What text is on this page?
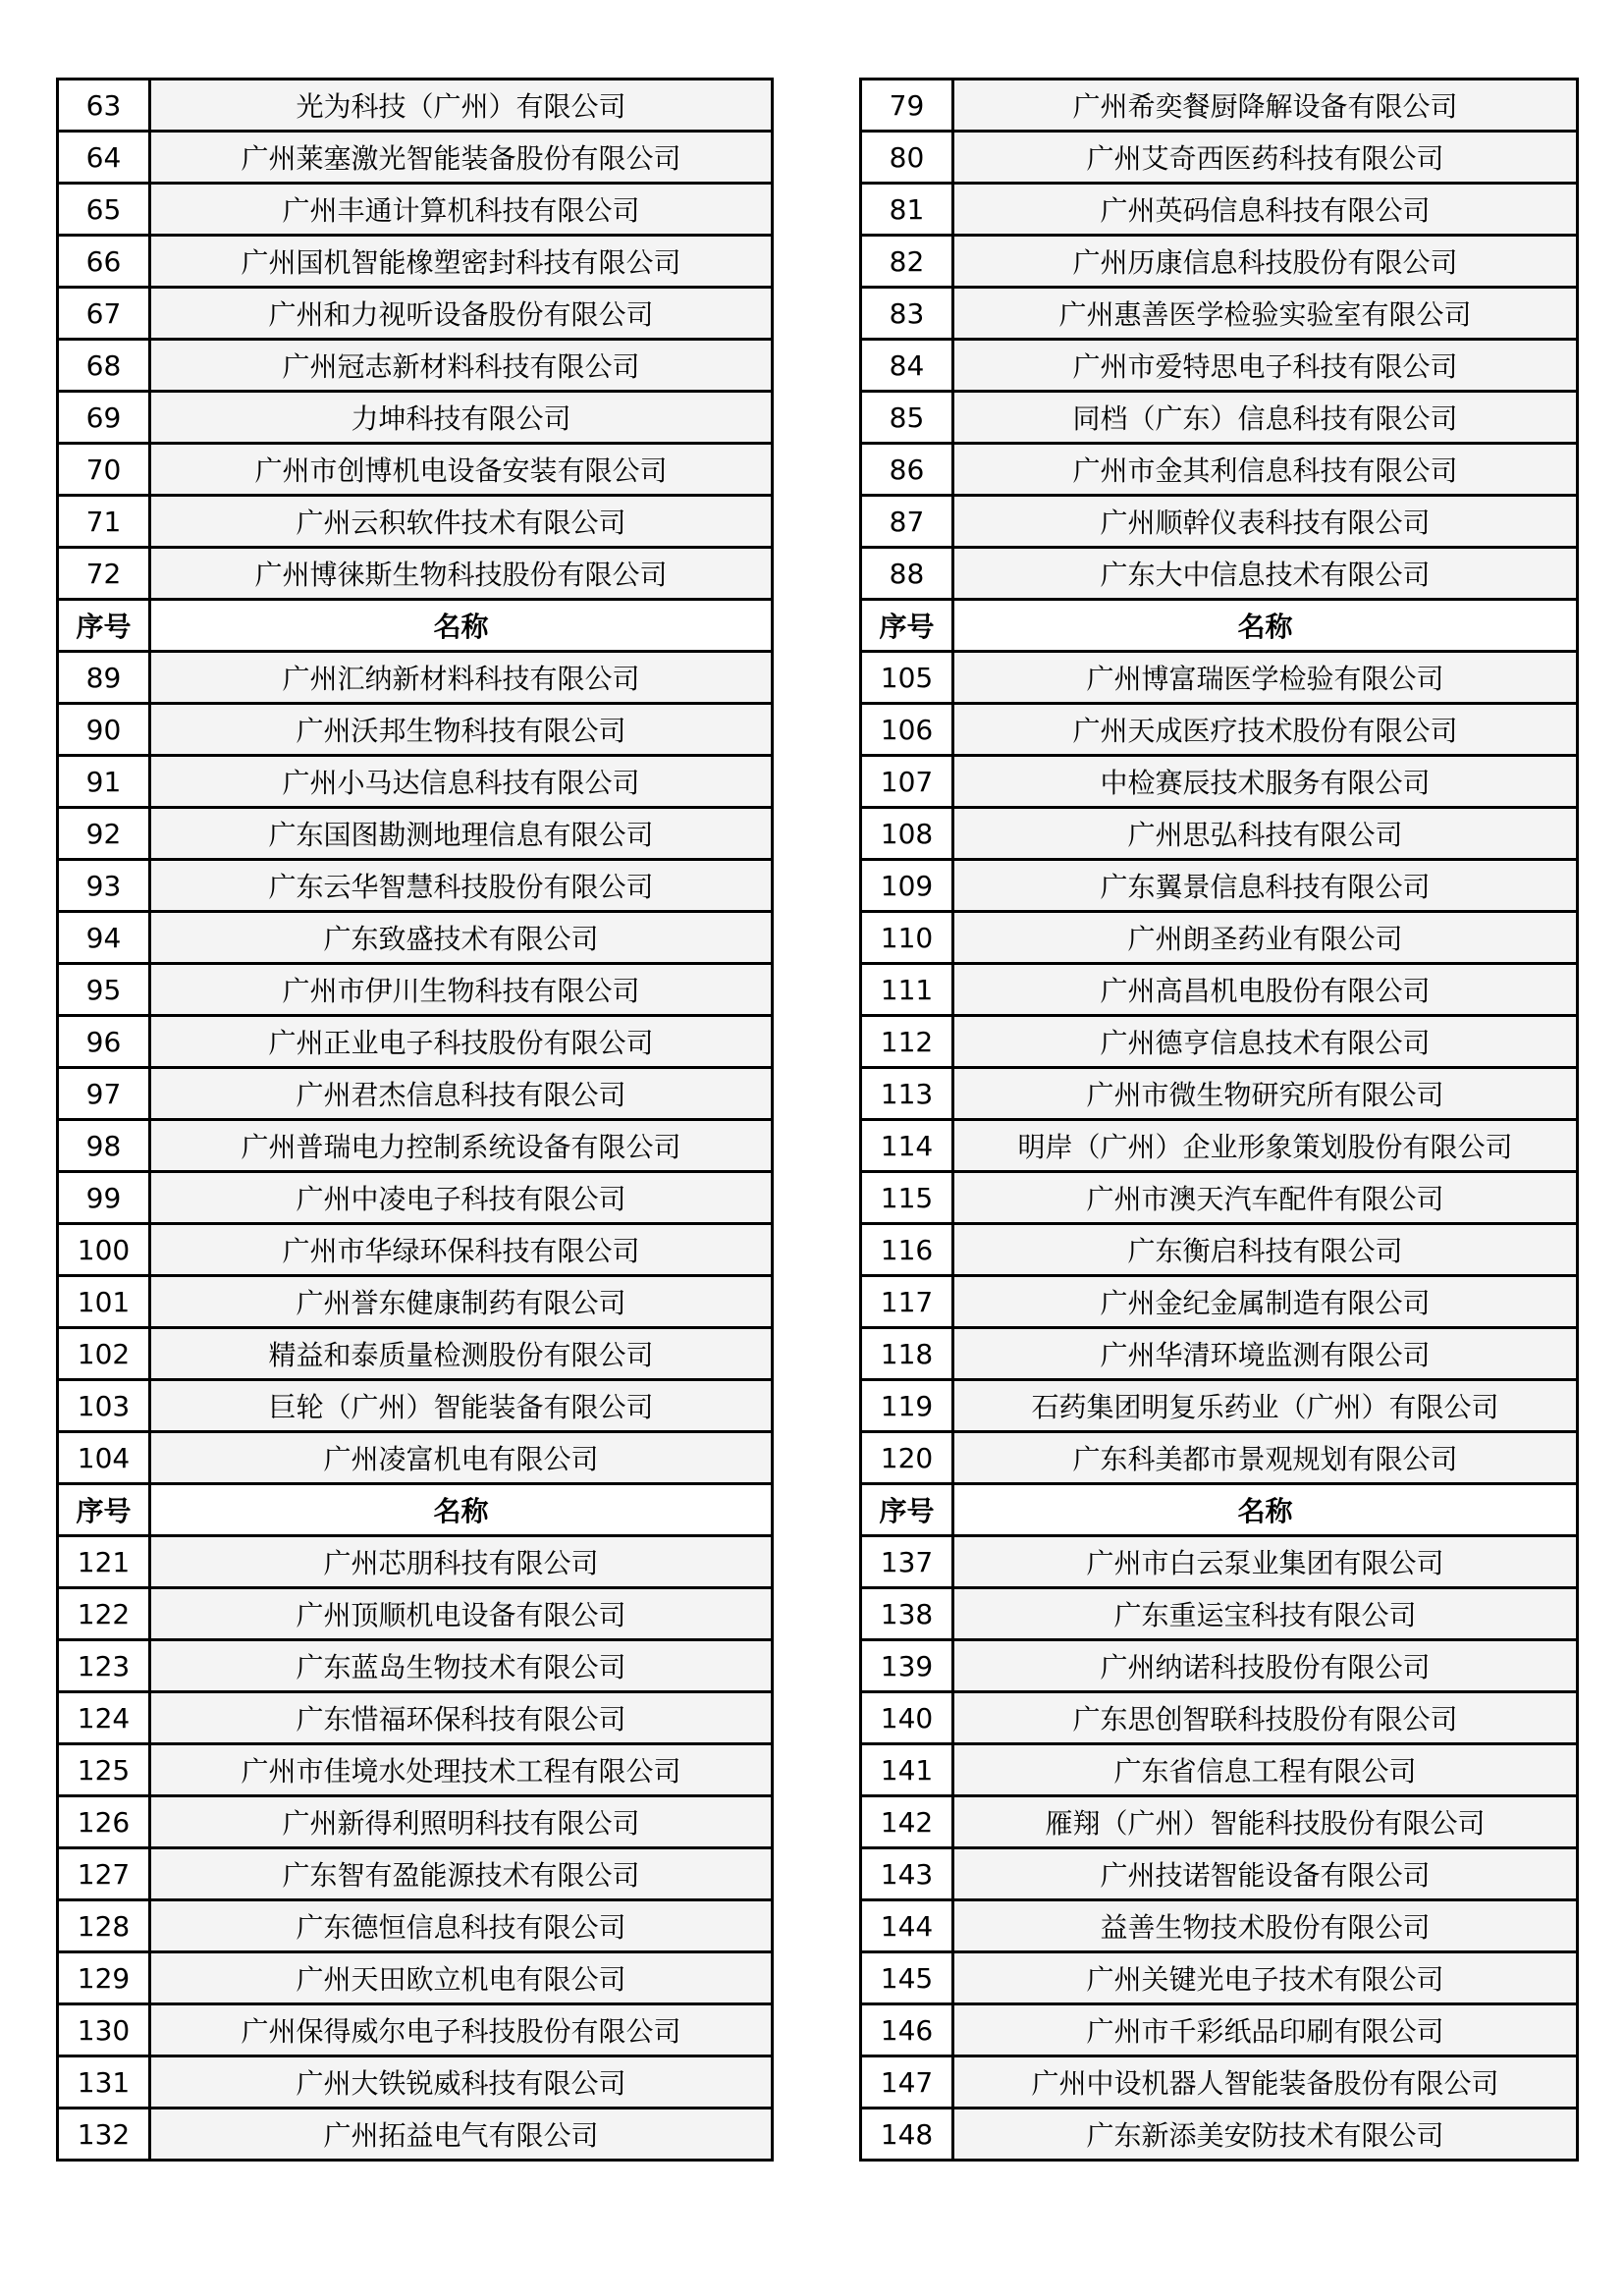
63	光为科技（广州）有限公司
64	广州莱塞激光智能装备股份有限公司
65	广州丰通计算机科技有限公司
66	广州国机智能橡塑密封科技有限公司
67	广州和力视听设备股份有限公司
68	广州冠志新材料科技有限公司
69	力坤科技有限公司
70	广州市创博机电设备安装有限公司
71	广州云积软件技术有限公司
72	广州博徕斯生物科技股份有限公司
序号	名称
89	广州汇纳新材料科技有限公司
90	广州沃邦生物科技有限公司
91	广州小马达信息科技有限公司
92	广东国图勘测地理信息有限公司
93	广东云华智慧科技股份有限公司
94	广东致盛技术有限公司
95	广州市伊川生物科技有限公司
96	广州正业电子科技股份有限公司
97	广州君杰信息科技有限公司
98	广州普瑞电力控制系统设备有限公司
99	广州中凌电子科技有限公司
100	广州市华绿环保科技有限公司
101	广州誉东健康制药有限公司
102	精益和泰质量检测股份有限公司
103	巨轮（广州）智能装备有限公司
104	广州凌富机电有限公司
序号	名称
121	广州芯朋科技有限公司
122	广州顶顺机电设备有限公司
123	广东蓝岛生物技术有限公司
124	广东惜福环保科技有限公司
125	广州市佳境水处理技术工程有限公司
126	广州新得利照明科技有限公司
127	广东智有盈能源技术有限公司
128	广东德恒信息科技有限公司
129	广州天田欧立机电有限公司
130	广州保得威尔电子科技股份有限公司
131	广州大铁锐威科技有限公司
132	广州拓益电气有限公司
79	广州希奕餐厨降解设备有限公司
80	广州艾奇西医药科技有限公司
81	广州英码信息科技有限公司
82	广州历康信息科技股份有限公司
83	广州惠善医学检验实验室有限公司
84	广州市爱特思电子科技有限公司
85	同档（广东）信息科技有限公司
86	广州市金其利信息科技有限公司
87	广州顺幹仪表科技有限公司
88	广东大中信息技术有限公司
序号	名称
105	广州博富瑞医学检验有限公司
106	广州天成医疗技术股份有限公司
107	中检赛辰技术服务有限公司
108	广州思弘科技有限公司
109	广东翼景信息科技有限公司
110	广州朗圣药业有限公司
111	广州高昌机电股份有限公司
112	广州德亨信息技术有限公司
113	广州市微生物研究所有限公司
114	明岸（广州）企业形象策划股份有限公司
115	广州市澳天汽车配件有限公司
116	广东衡启科技有限公司
117	广州金纪金属制造有限公司
118	广州华清环境监测有限公司
119	石药集团明复乐药业（广州）有限公司
120	广东科美都市景观规划有限公司
序号	名称
137	广州市白云泵业集团有限公司
138	广东重运宝科技有限公司
139	广州纳诺科技股份有限公司
140	广东思创智联科技股份有限公司
141	广东省信息工程有限公司
142	雁翔（广州）智能科技股份有限公司
143	广州技诺智能设备有限公司
144	益善生物技术股份有限公司
145	广州关键光电子技术有限公司
146	广州市千彩纸品印刷有限公司
147	广州中设机器人智能装备股份有限公司
148	广东新添美安防技术有限公司
